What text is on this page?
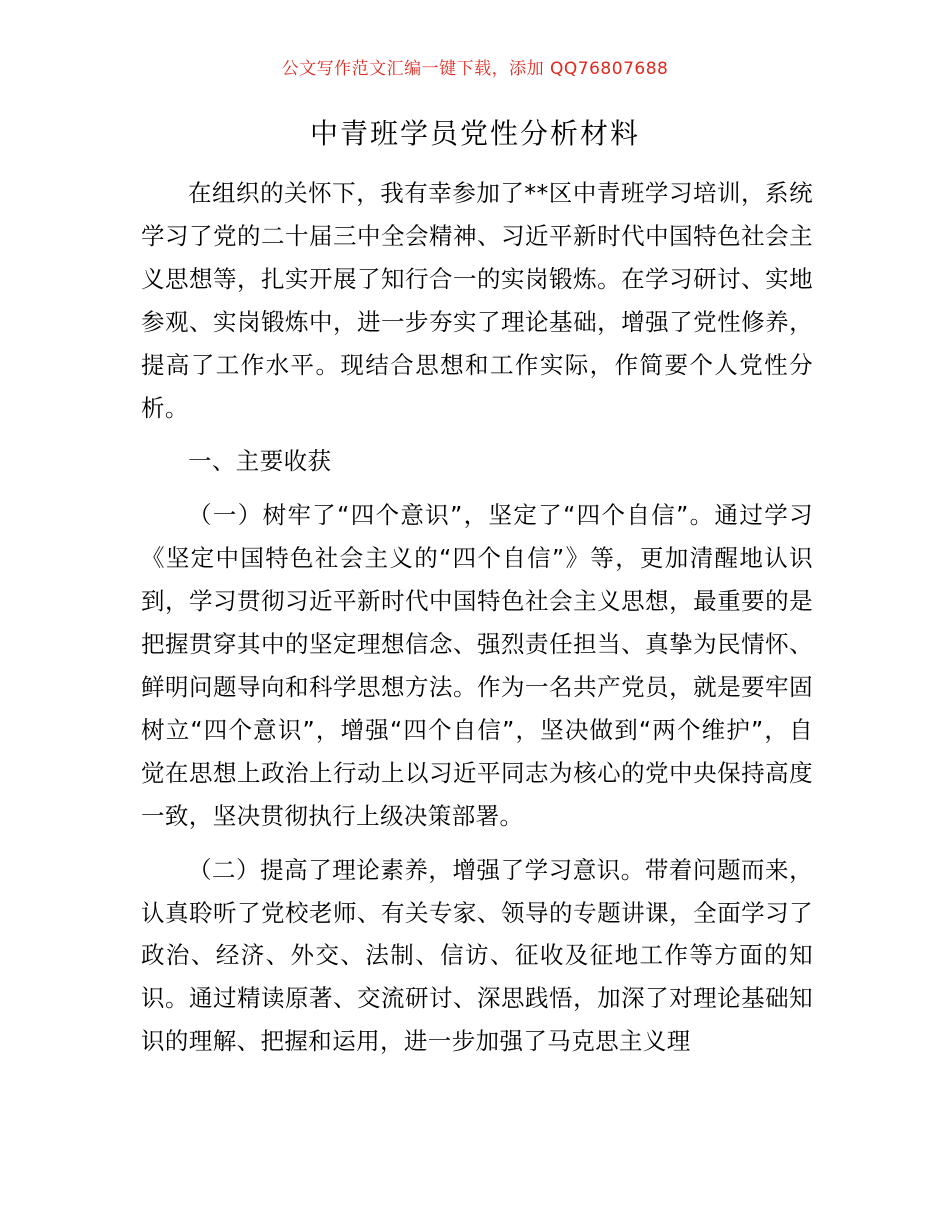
公文写作范文汇编一键下载，添加 QQ76807688
中青班学员党性分析材料

在组织的关怀下，我有幸参加了**区中青班学习培训，系统学习了党的二十届三中全会精神、习近平新时代中国特色社会主义思想等，扎实开展了知行合一的实岗锻炼。在学习研讨、实地参观、实岗锻炼中，进一步夯实了理论基础，增强了党性修养，提高了工作水平。现结合思想和工作实际，作简要个人党性分析。

一、主要收获

（一）树牢了“四个意识”，坚定了“四个自信”。通过学习《坚定中国特色社会主义的“四个自信”》等，更加清醒地认识到，学习贯彻习近平新时代中国特色社会主义思想，最重要的是把握贯穿其中的坚定理想信念、强烈责任担当、真挚为民情怀、鲜明问题导向和科学思想方法。作为一名共产党员，就是要牢固树立“四个意识”，增强“四个自信”，坚决做到“两个维护”，自觉在思想上政治上行动上以习近平同志为核心的党中央保持高度一致，坚决贯彻执行上级决策部署。

（二）提高了理论素养，增强了学习意识。带着问题而来，认真聆听了党校老师、有关专家、领导的专题讲课，全面学习了政治、经济、外交、法制、信访、征收及征地工作等方面的知识。通过精读原著、交流研讨、深思践悟，加深了对理论基础知识的理解、把握和运用，进一步加强了马克思主义理
